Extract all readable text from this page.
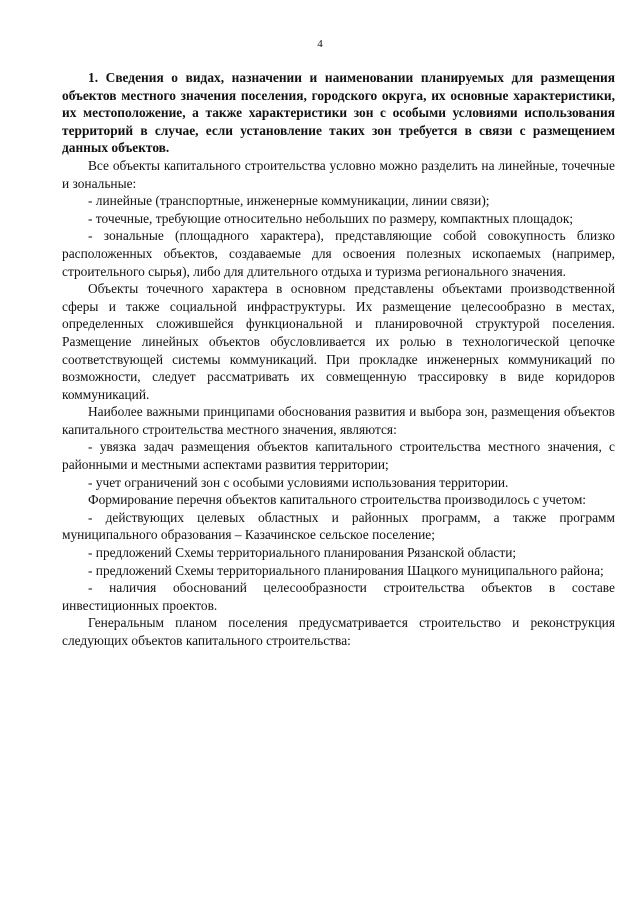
4

1. Сведения о видах, назначении и наименовании планируемых для размещения объектов местного значения поселения, городского округа, их основные характеристики, их местоположение, а также характеристики зон с особыми условиями использования территорий в случае, если установление таких зон требуется в связи с размещением данных объектов.

Все объекты капитального строительства условно можно разделить на линейные, точечные и зональные:

- линейные (транспортные, инженерные коммуникации, линии связи);

- точечные, требующие относительно небольших по размеру, компактных площадок;

- зональные (площадного характера), представляющие собой совокупность близко расположенных объектов, создаваемые для освоения полезных ископаемых (например, строительного сырья), либо для длительного отдыха и туризма регионального значения.

Объекты точечного характера в основном представлены объектами производственной сферы и также социальной инфраструктуры. Их размещение целесообразно в местах, определенных сложившейся функциональной и планировочной структурой поселения. Размещение линейных объектов обусловливается их ролью в технологической цепочке соответствующей системы коммуникаций. При прокладке инженерных коммуникаций по возможности, следует рассматривать их совмещенную трассировку в виде коридоров коммуникаций.

Наиболее важными принципами обоснования развития и выбора зон, размещения объектов капитального строительства местного значения, являются:

- увязка задач размещения объектов капитального строительства местного значения, с районными и местными аспектами развития территории;

- учет ограничений зон с особыми условиями использования территории.

Формирование перечня объектов капитального строительства производилось с учетом:

- действующих целевых областных и районных программ, а также программ муниципального образования – Казачинское сельское поселение;

- предложений Схемы территориального планирования Рязанской области;

- предложений Схемы территориального планирования Шацкого муниципального района;

- наличия обоснований целесообразности строительства объектов в составе инвестиционных проектов.

Генеральным планом поселения предусматривается строительство и реконструкция следующих объектов капитального строительства:
